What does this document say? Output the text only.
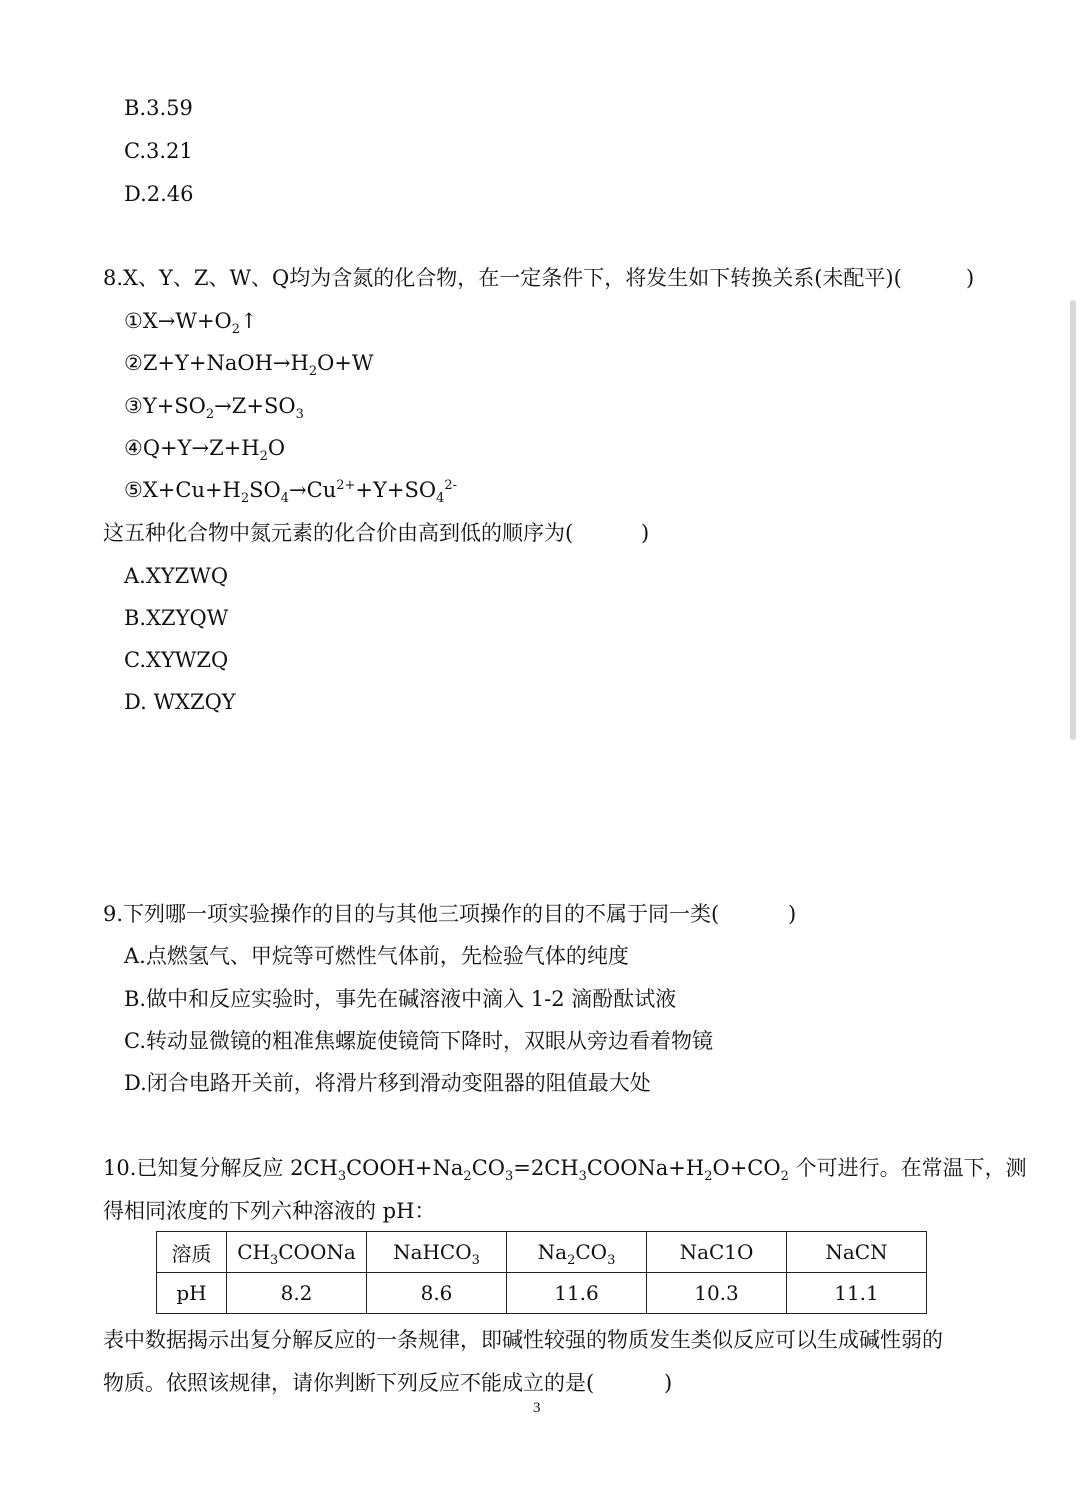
B.3.59
C.3.21
D.2.46
8.X、Y、Z、W、Q均为含氮的化合物，在一定条件下，将发生如下转换关系(未配平)(	)
$①X\to W+O_2↑$
$②Z+Y+NaOH\to H_2O+W$
$③Y+SO_2\to Z+SO_3$
$④Q+Y\to Z+H_2O$
$⑤X+Cu+H_2SO_4\to Cu^{2+}+Y+SO_4^{2-}$
这五种化合物中氮元素的化合价由高到低的顺序为(	)
A.XYZWQ
B.XZYQW
C.XYWZQ
D. WXZQY
9.下列哪一项实验操作的目的与其他三项操作的目的不属于同一类(	)
A.点燃氢气、甲烷等可燃性气体前，先检验气体的纯度
B.做中和反应实验时，事先在碱溶液中滴入 1-2 滴酚酞试液
C.转动显微镜的粗准焦螺旋使镜筒下降时，双眼从旁边看着物镜
D.闭合电路开关前，将滑片移到滑动变阻器的阻值最大处
10.已知复分解反应 $2CH_3COOH+Na_2CO_3=2CH_3COONa+H_2O+CO_2$ 个可进行。在常温下，测
得相同浓度的下列六种溶液的 pH：
溶质	$CH_3COONa$	NaHCO$_3$	$Na_2CO_3$	NaC1O	NaCN
pH	8.2	8.6	11.6	10.3	11.1
表中数据揭示出复分解反应的一条规律，即碱性较强的物质发生类似反应可以生成碱性弱的
物质。依照该规律，请你判断下列反应不能成立的是(	)
3
